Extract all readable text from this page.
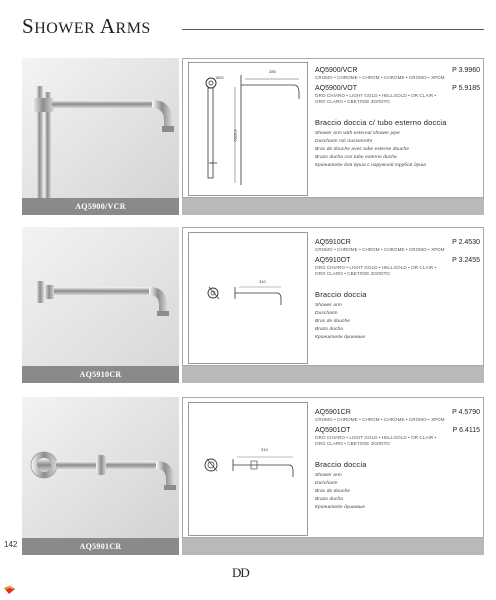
SHOWER ARMS
AQ5900/VCR
285
Ø25
6025.8
AQ5900/VCR	P 3.9960
CROMO • CHROME • CHROM • CHROME • CROMO • ХРОМ
AQ5900/VOT	P 5.9185
ORO CHIARO • LIGHT GOLD • HELLGOLD • OR CLAIR • ORO CLARO • СВЕТЛОЕ ЗОЛОТО
Braccio doccia c/ tubo esterno doccia
Shower arm with external shower pipe
Duscharm mit Aussenrohr
Bras de douche avec tube externe douche
Brazo ducha con tubo externo ducha
Кронштейн для душа с наружной трубой душа
AQ5910CR
310
AQ5910CR	P 2.4530
CROMO • CHROME • CHROM • CHROME • CROMO • ХРОМ
AQ5910OT	P 3.2455
ORO CHIARO • LIGHT GOLD • HELLGOLD • OR CLAIR • ORO CLARO • СВЕТЛОЕ ЗОЛОТО
Braccio doccia
Shower arm
Duscharm
Bras de douche
Brazo ducha
Кронштейн душевые
AQ5901CR
310
AQ5901CR	P 4.5790
CROMO • CHROME • CHROM • CHROME • CROMO • ХРОМ
AQ5901OT	P 6.4115
ORO CHIARO • LIGHT GOLD • HELLGOLD • OR CLAIR • ORO CLARO • СВЕТЛОЕ ЗОЛОТО
Braccio doccia
Shower arm
Duscharm
Bras de douche
Brazo ducha
Кронштейн душевые
142
DD
